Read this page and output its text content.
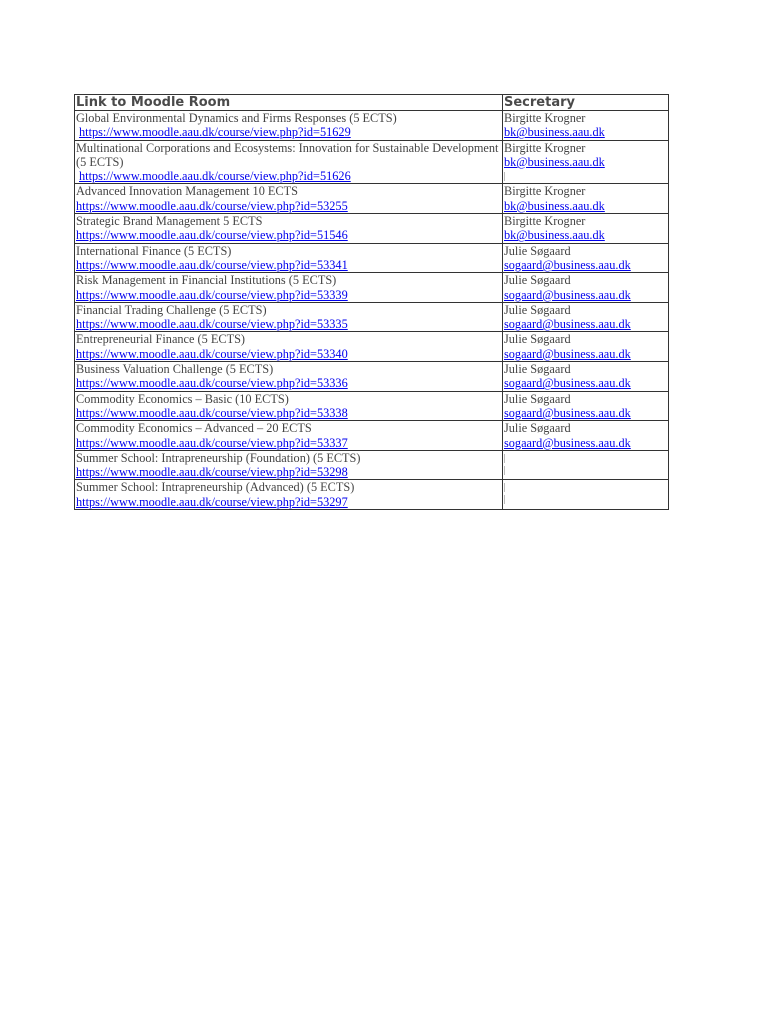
Link to Moodle Room	Secretary

Global Environmental Dynamics and Firms Responses (5 ECTS)
https://www.moodle.aau.dk/course/view.php?id=51629	Birgitte Krogner
bk@business.aau.dk

Multinational Corporations and Ecosystems: Innovation for Sustainable Development (5 ECTS)
https://www.moodle.aau.dk/course/view.php?id=51626	Birgitte Krogner
bk@business.aau.dk

Advanced Innovation Management 10 ECTS
https://www.moodle.aau.dk/course/view.php?id=53255	Birgitte Krogner
bk@business.aau.dk

Strategic Brand Management 5 ECTS
https://www.moodle.aau.dk/course/view.php?id=51546	Birgitte Krogner
bk@business.aau.dk

International Finance (5 ECTS)
https://www.moodle.aau.dk/course/view.php?id=53341	Julie Søgaard
sogaard@business.aau.dk

Risk Management in Financial Institutions (5 ECTS)
https://www.moodle.aau.dk/course/view.php?id=53339	Julie Søgaard
sogaard@business.aau.dk

Financial Trading Challenge (5 ECTS)
https://www.moodle.aau.dk/course/view.php?id=53335	Julie Søgaard
sogaard@business.aau.dk

Entrepreneurial Finance (5 ECTS)
https://www.moodle.aau.dk/course/view.php?id=53340	Julie Søgaard
sogaard@business.aau.dk

Business Valuation Challenge (5 ECTS)
https://www.moodle.aau.dk/course/view.php?id=53336	Julie Søgaard
sogaard@business.aau.dk

Commodity Economics – Basic (10 ECTS)
https://www.moodle.aau.dk/course/view.php?id=53338	Julie Søgaard
sogaard@business.aau.dk

Commodity Economics – Advanced – 20 ECTS
https://www.moodle.aau.dk/course/view.php?id=53337	Julie Søgaard
sogaard@business.aau.dk

Summer School: Intrapreneurship (Foundation) (5 ECTS)
https://www.moodle.aau.dk/course/view.php?id=53298	

Summer School: Intrapreneurship (Advanced) (5 ECTS)
https://www.moodle.aau.dk/course/view.php?id=53297	
